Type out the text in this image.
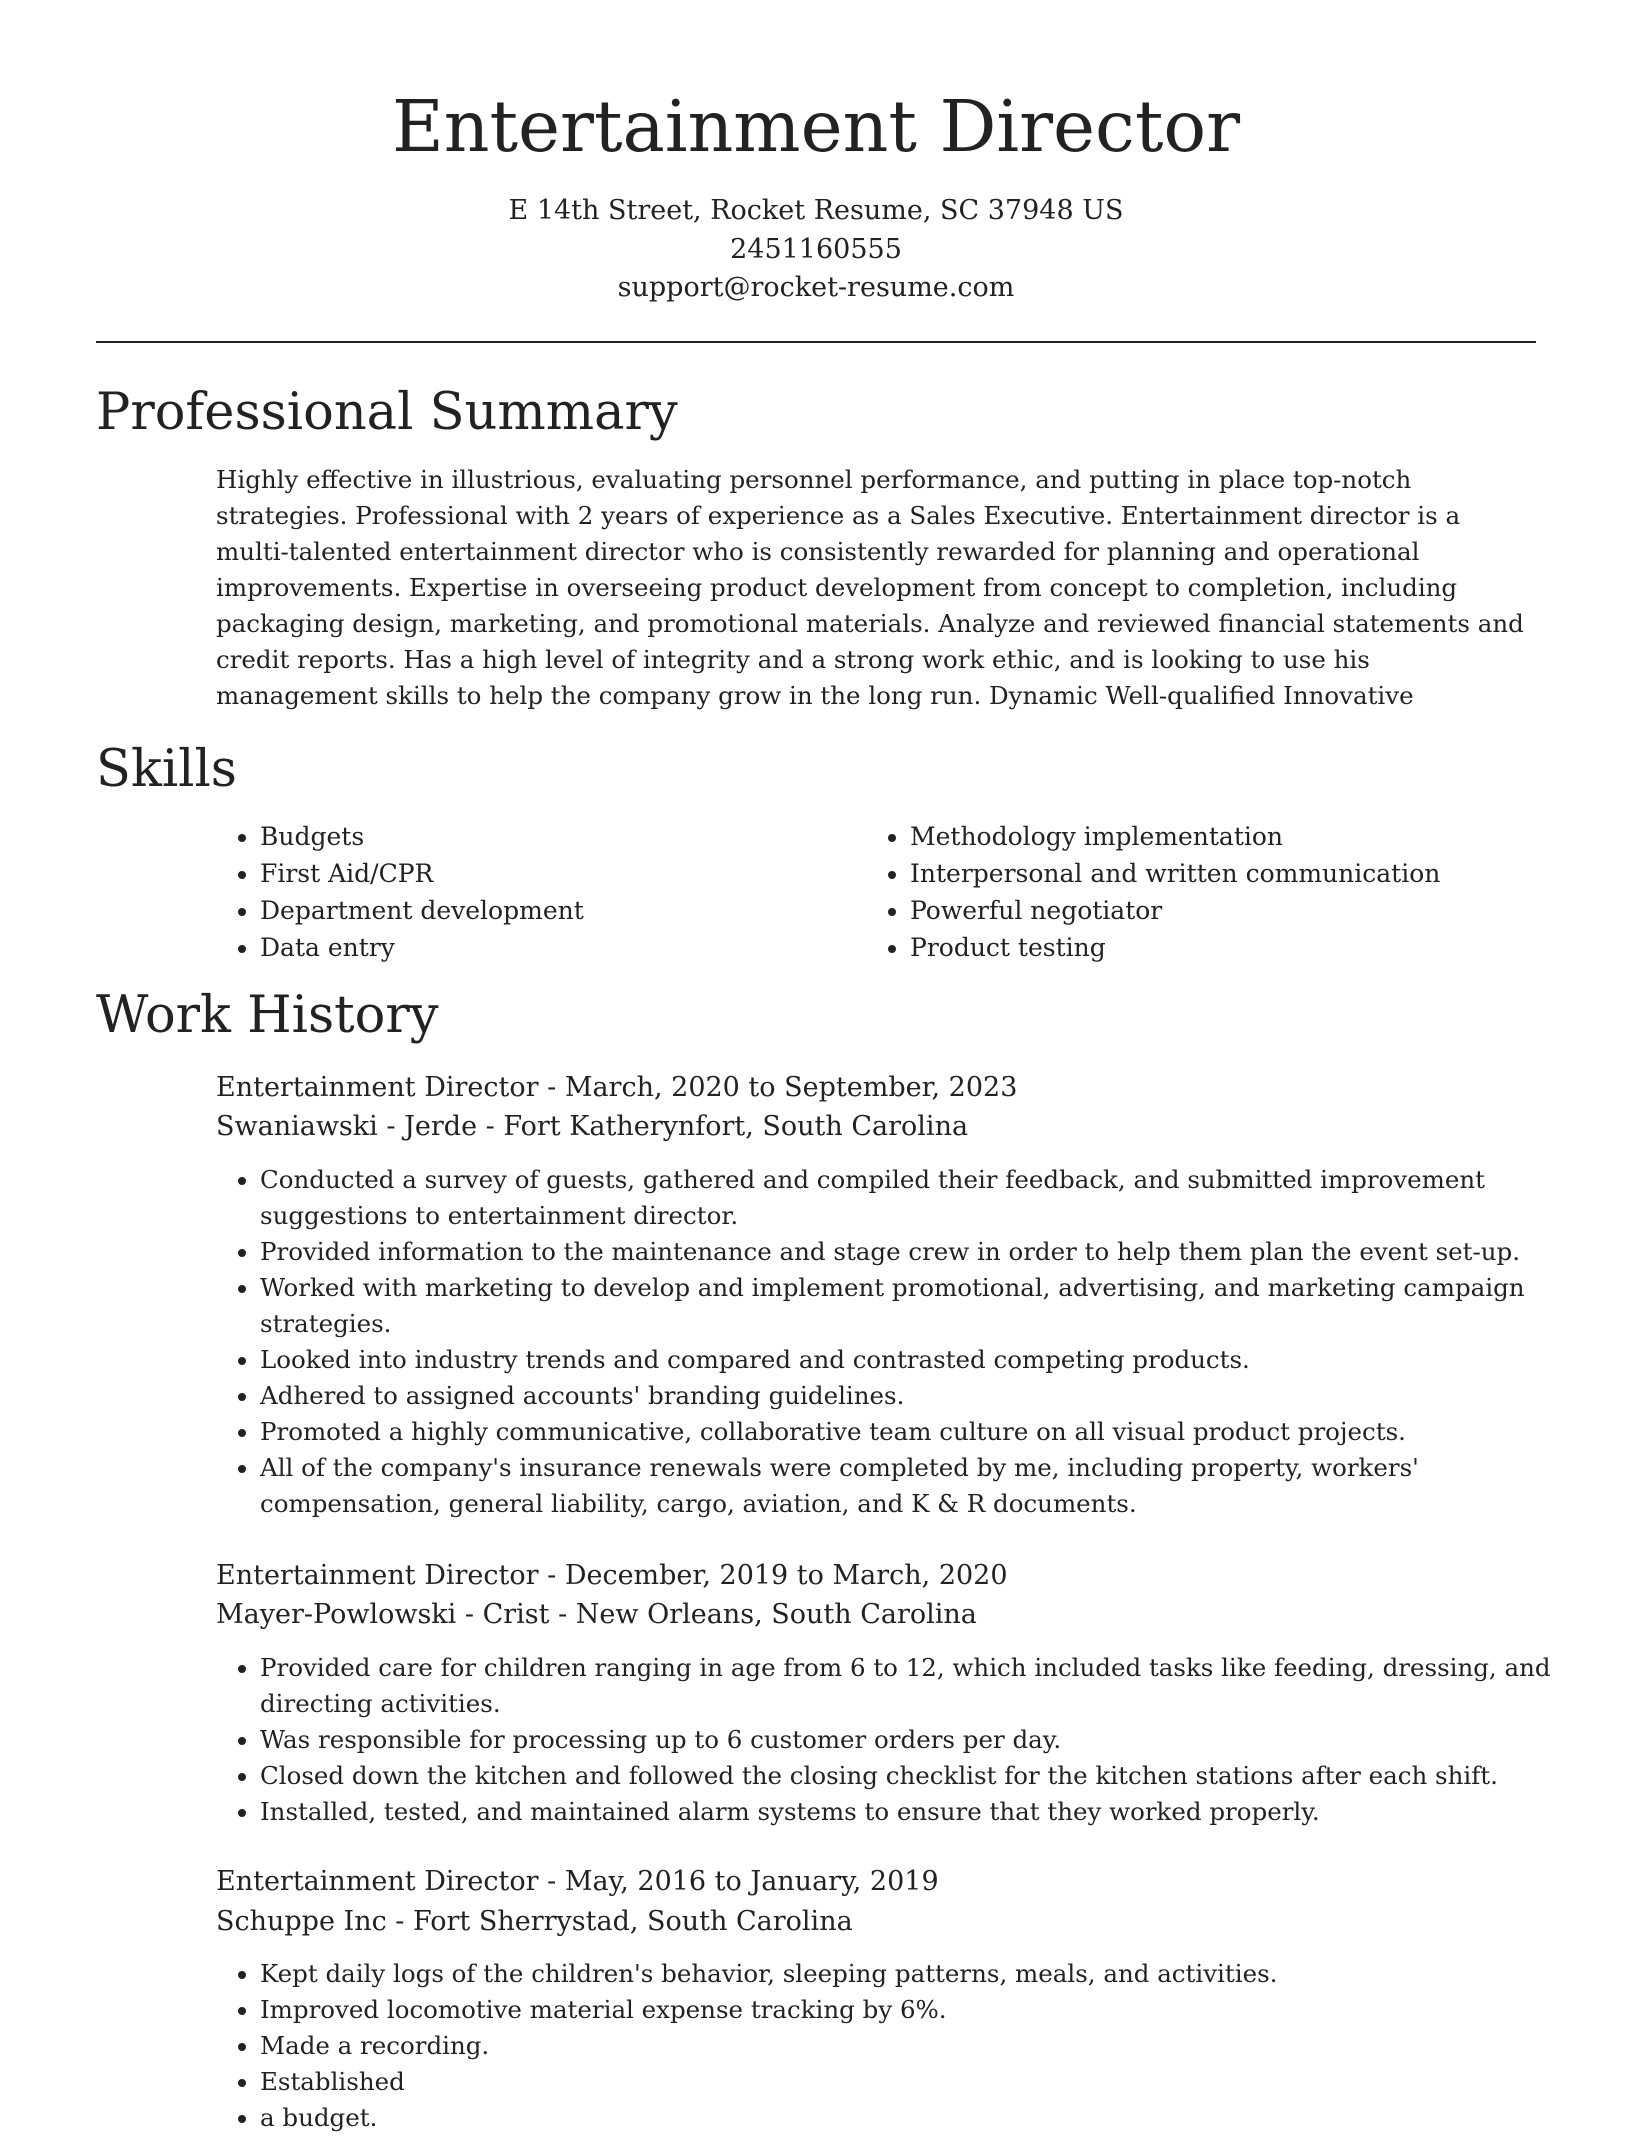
Entertainment Director
E 14th Street, Rocket Resume, SC 37948 US
2451160555
support@rocket-resume.com
Professional Summary

Highly effective in illustrious, evaluating personnel performance, and putting in place top-notch strategies. Professional with 2 years of experience as a Sales Executive. Entertainment director is a multi-talented entertainment director who is consistently rewarded for planning and operational improvements. Expertise in overseeing product development from concept to completion, including packaging design, marketing, and promotional materials. Analyze and reviewed financial statements and credit reports. Has a high level of integrity and a strong work ethic, and is looking to use his management skills to help the company grow in the long run. Dynamic Well-qualified Innovative

Skills
• Budgets
• First Aid/CPR
• Department development
• Data entry
• Methodology implementation
• Interpersonal and written communication
• Powerful negotiator
• Product testing
Work History
Entertainment Director - March, 2020 to September, 2023
Swaniawski - Jerde - Fort Katherynfort, South Carolina
• Conducted a survey of guests, gathered and compiled their feedback, and submitted improvement suggestions to entertainment director.
• Provided information to the maintenance and stage crew in order to help them plan the event set-up.
• Worked with marketing to develop and implement promotional, advertising, and marketing campaign strategies.
• Looked into industry trends and compared and contrasted competing products.
• Adhered to assigned accounts' branding guidelines.
• Promoted a highly communicative, collaborative team culture on all visual product projects.
• All of the company's insurance renewals were completed by me, including property, workers' compensation, general liability, cargo, aviation, and K & R documents.
Entertainment Director - December, 2019 to March, 2020
Mayer-Powlowski - Crist - New Orleans, South Carolina
• Provided care for children ranging in age from 6 to 12, which included tasks like feeding, dressing, and directing activities.
• Was responsible for processing up to 6 customer orders per day.
• Closed down the kitchen and followed the closing checklist for the kitchen stations after each shift.
• Installed, tested, and maintained alarm systems to ensure that they worked properly.
Entertainment Director - May, 2016 to January, 2019
Schuppe Inc - Fort Sherrystad, South Carolina
• Kept daily logs of the children's behavior, sleeping patterns, meals, and activities.
• Improved locomotive material expense tracking by 6%.
• Made a recording.
• Established
• a budget.
